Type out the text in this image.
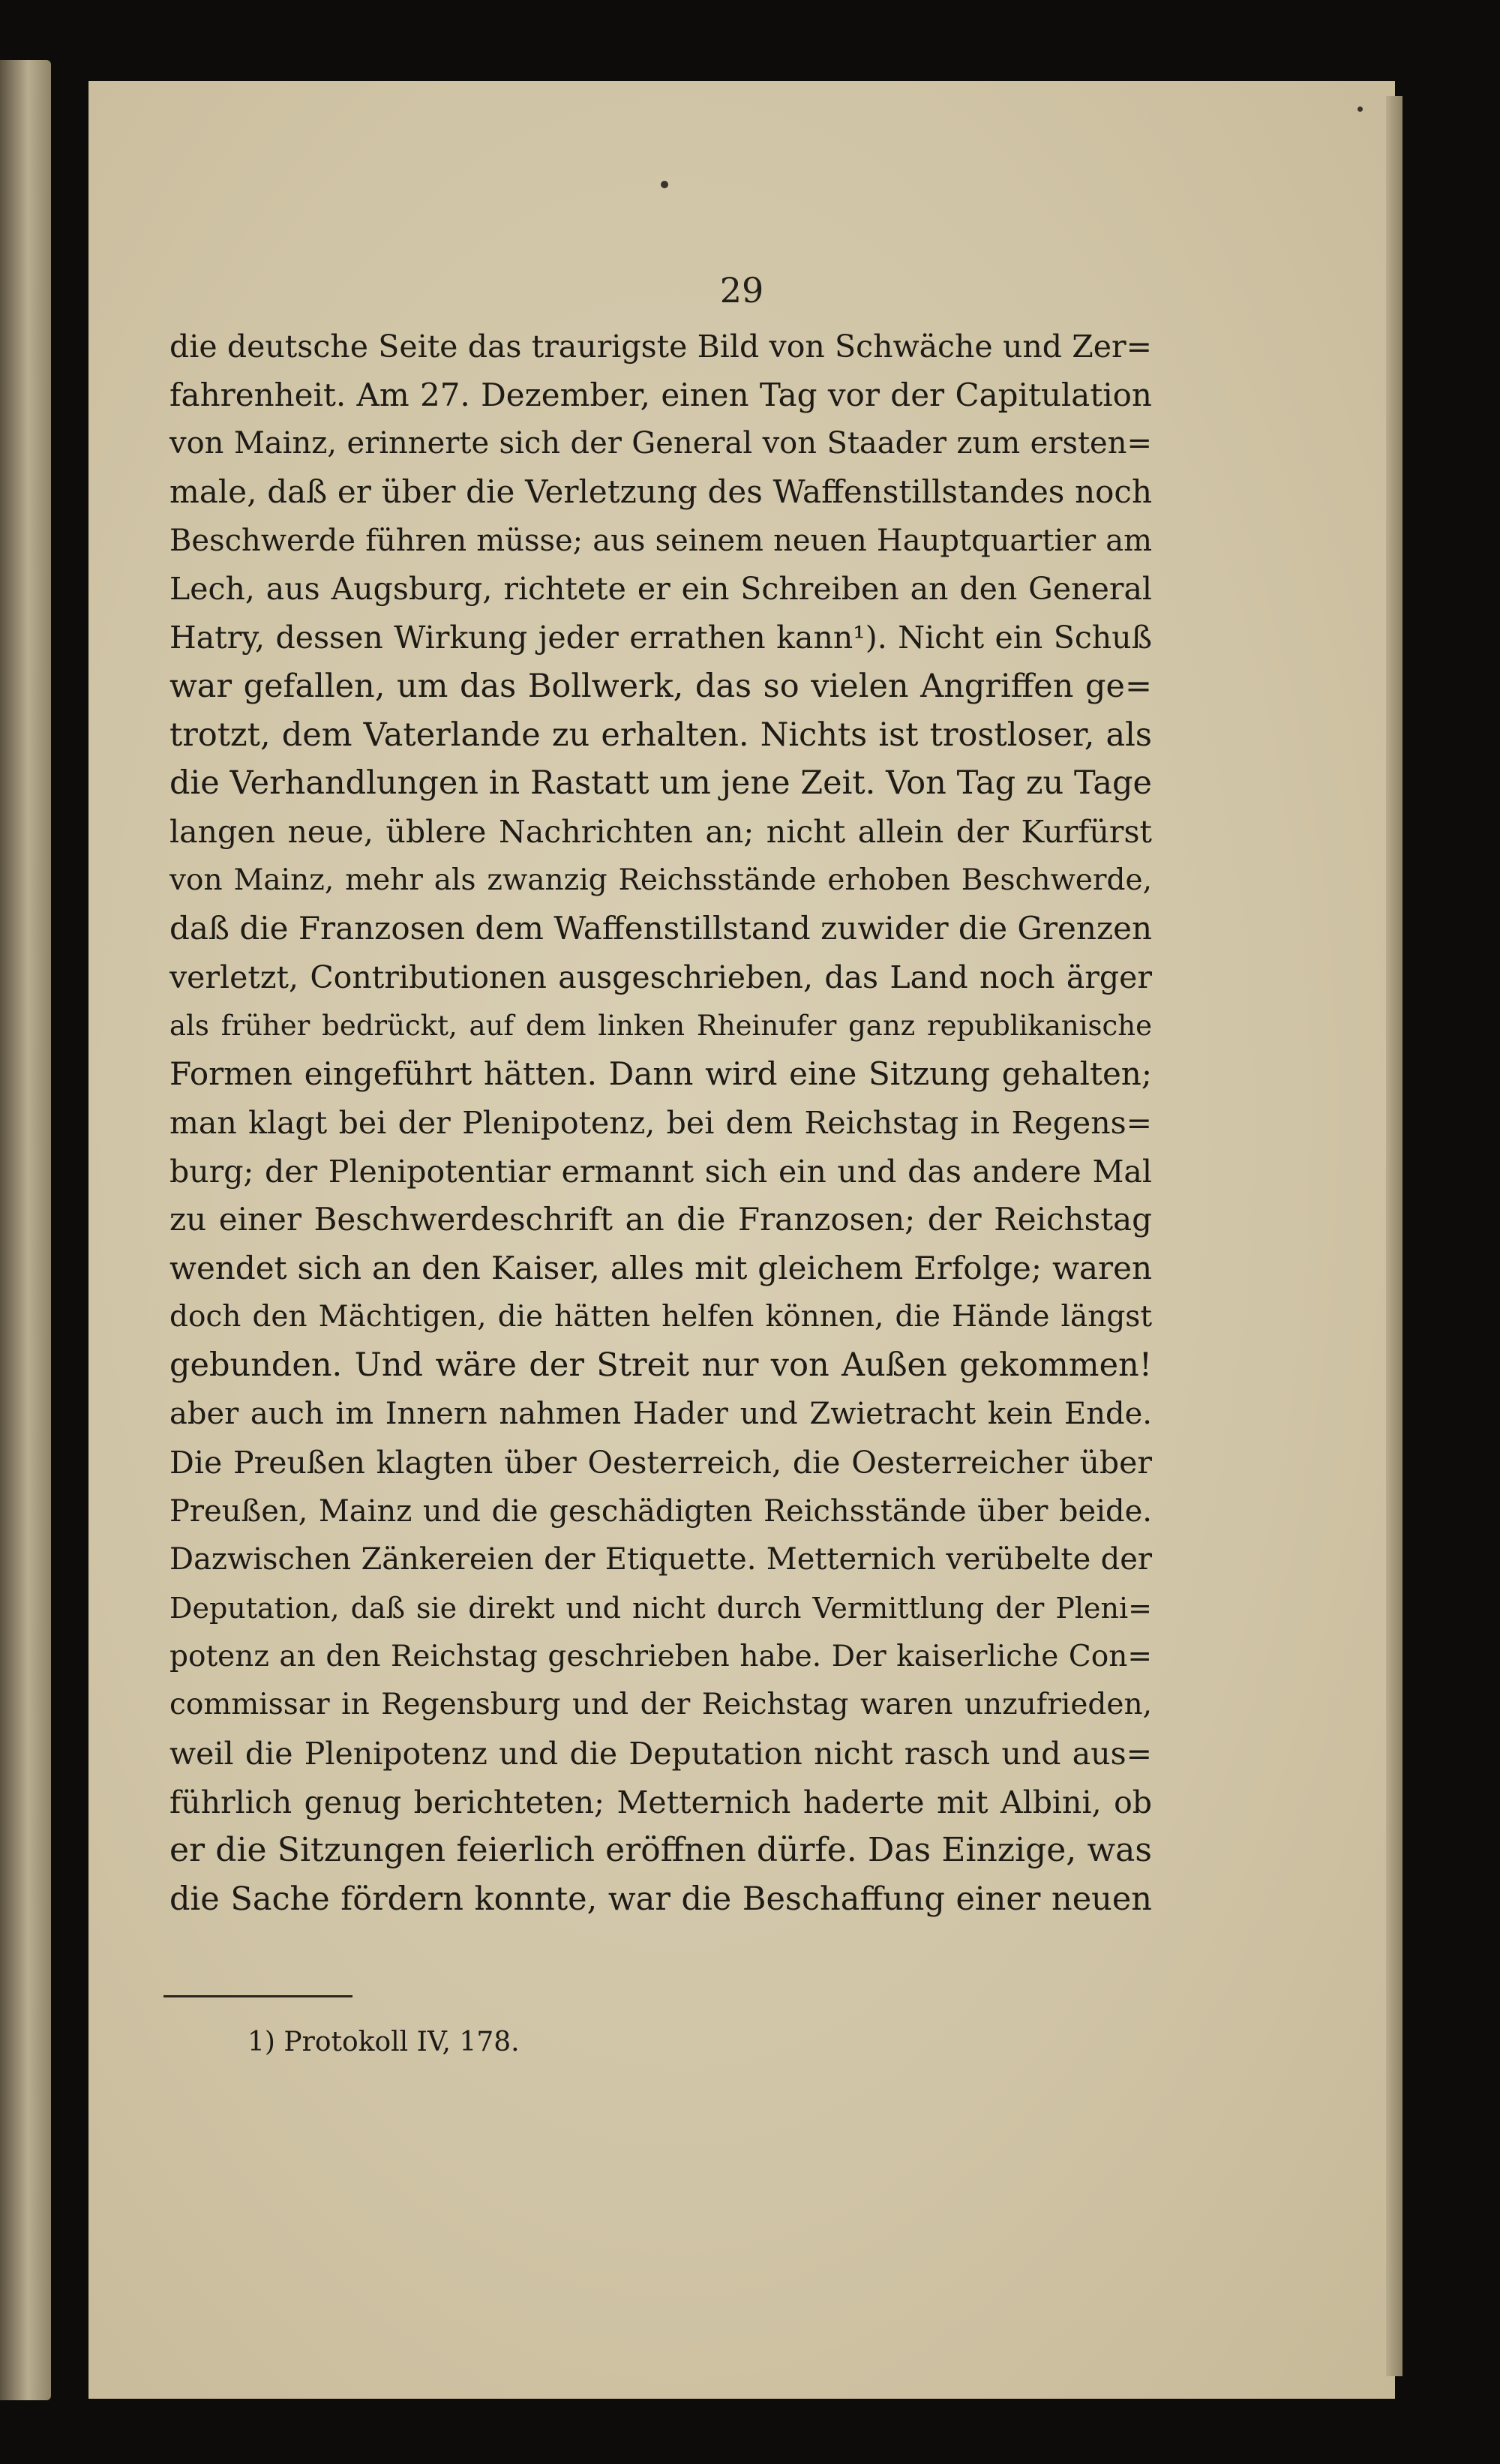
29
die deutsche Seite das traurigste Bild von Schwäche und Zer=
fahrenheit. Am 27. Dezember, einen Tag vor der Capitulation
von Mainz, erinnerte sich der General von Staader zum ersten=
male, daß er über die Verletzung des Waffenstillstandes noch
Beschwerde führen müsse; aus seinem neuen Hauptquartier am
Lech, aus Augsburg, richtete er ein Schreiben an den General
Hatry, dessen Wirkung jeder errathen kann¹). Nicht ein Schuß
war gefallen, um das Bollwerk, das so vielen Angriffen ge=
trotzt, dem Vaterlande zu erhalten. Nichts ist trostloser, als
die Verhandlungen in Rastatt um jene Zeit. Von Tag zu Tage
langen neue, üblere Nachrichten an; nicht allein der Kurfürst
von Mainz, mehr als zwanzig Reichsstände erhoben Beschwerde,
daß die Franzosen dem Waffenstillstand zuwider die Grenzen
verletzt, Contributionen ausgeschrieben, das Land noch ärger
als früher bedrückt, auf dem linken Rheinufer ganz republikanische
Formen eingeführt hätten. Dann wird eine Sitzung gehalten;
man klagt bei der Plenipotenz, bei dem Reichstag in Regens=
burg; der Plenipotentiar ermannt sich ein und das andere Mal
zu einer Beschwerdeschrift an die Franzosen; der Reichstag
wendet sich an den Kaiser, alles mit gleichem Erfolge; waren
doch den Mächtigen, die hätten helfen können, die Hände längst
gebunden. Und wäre der Streit nur von Außen gekommen!
aber auch im Innern nahmen Hader und Zwietracht kein Ende.
Die Preußen klagten über Oesterreich, die Oesterreicher über
Preußen, Mainz und die geschädigten Reichsstände über beide.
Dazwischen Zänkereien der Etiquette. Metternich verübelte der
Deputation, daß sie direkt und nicht durch Vermittlung der Pleni=
potenz an den Reichstag geschrieben habe. Der kaiserliche Con=
commissar in Regensburg und der Reichstag waren unzufrieden,
weil die Plenipotenz und die Deputation nicht rasch und aus=
führlich genug berichteten; Metternich haderte mit Albini, ob
er die Sitzungen feierlich eröffnen dürfe. Das Einzige, was
die Sache fördern konnte, war die Beschaffung einer neuen
1) Protokoll IV, 178.
